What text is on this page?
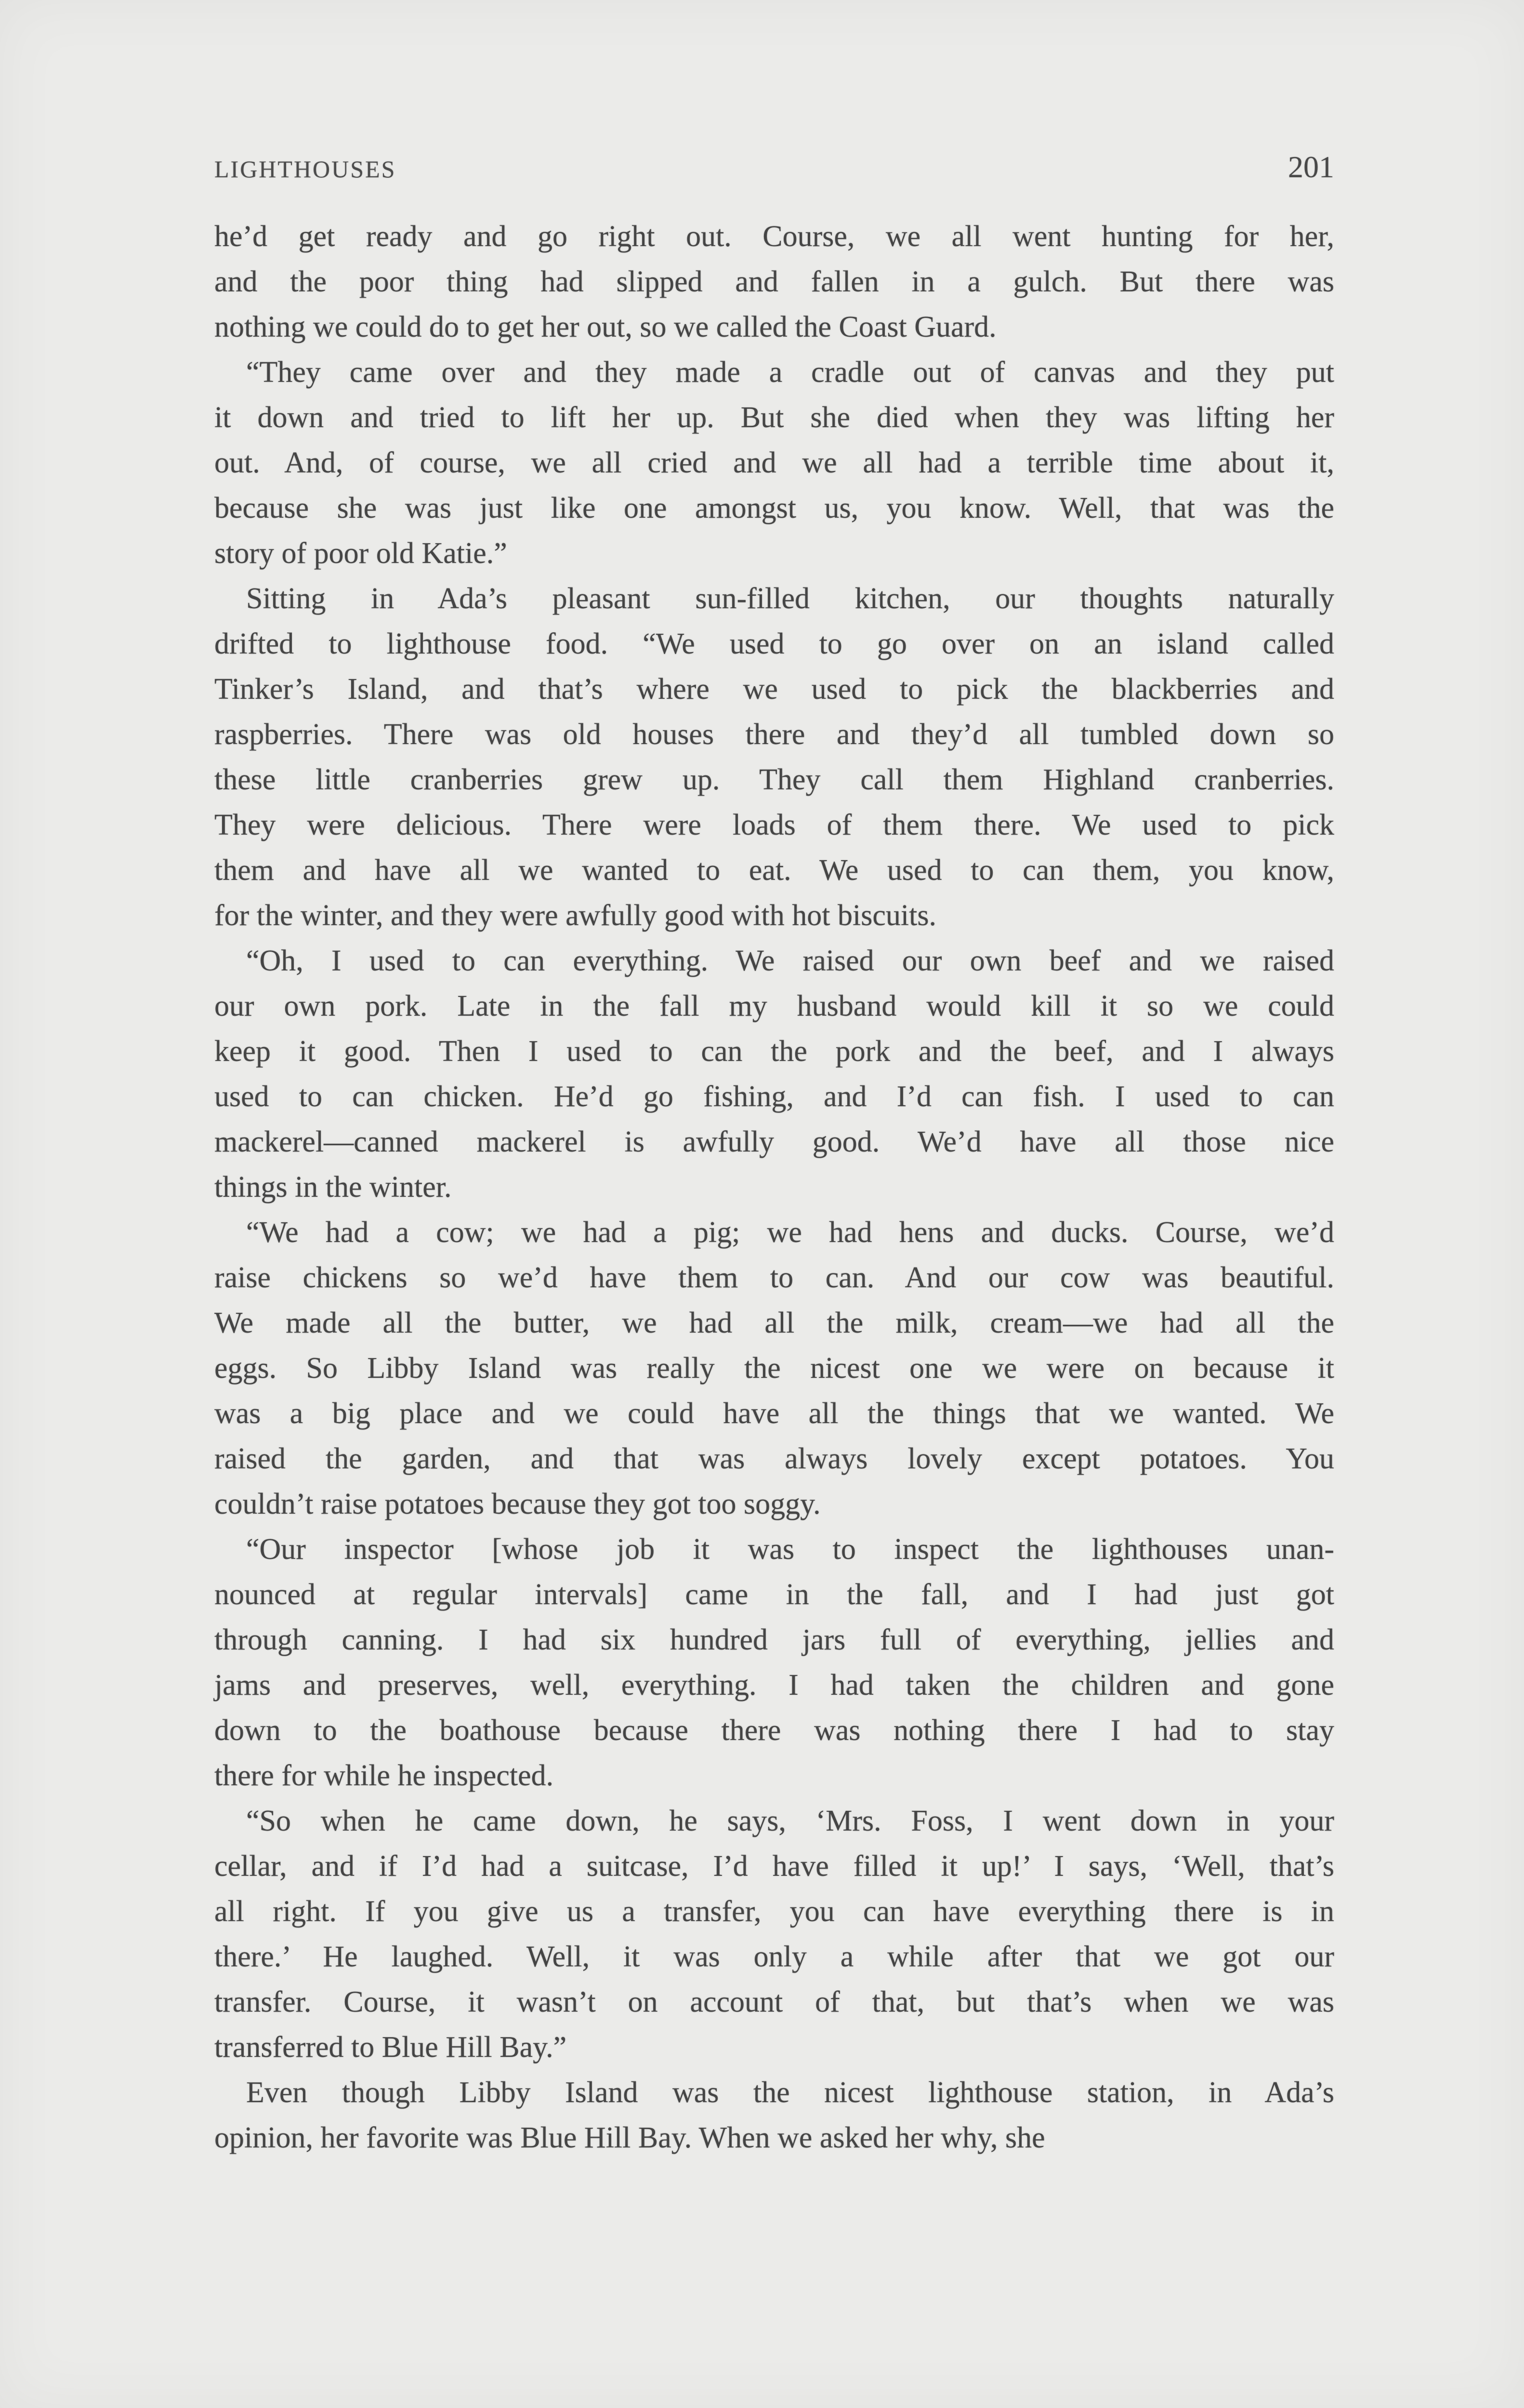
LIGHTHOUSES	201
he’d get ready and go right out. Course, we all went hunting for her,
and the poor thing had slipped and fallen in a gulch. But there was
nothing we could do to get her out, so we called the Coast Guard.
“They came over and they made a cradle out of canvas and they put
it down and tried to lift her up. But she died when they was lifting her
out. And, of course, we all cried and we all had a terrible time about it,
because she was just like one amongst us, you know. Well, that was the
story of poor old Katie.”
Sitting in Ada’s pleasant sun-filled kitchen, our thoughts naturally
drifted to lighthouse food. “We used to go over on an island called
Tinker’s Island, and that’s where we used to pick the blackberries and
raspberries. There was old houses there and they’d all tumbled down so
these little cranberries grew up. They call them Highland cranberries.
They were delicious. There were loads of them there. We used to pick
them and have all we wanted to eat. We used to can them, you know,
for the winter, and they were awfully good with hot biscuits.
“Oh, I used to can everything. We raised our own beef and we raised
our own pork. Late in the fall my husband would kill it so we could
keep it good. Then I used to can the pork and the beef, and I always
used to can chicken. He’d go fishing, and I’d can fish. I used to can
mackerel—canned mackerel is awfully good. We’d have all those nice
things in the winter.
“We had a cow; we had a pig; we had hens and ducks. Course, we’d
raise chickens so we’d have them to can. And our cow was beautiful.
We made all the butter, we had all the milk, cream—we had all the
eggs. So Libby Island was really the nicest one we were on because it
was a big place and we could have all the things that we wanted. We
raised the garden, and that was always lovely except potatoes. You
couldn’t raise potatoes because they got too soggy.
“Our inspector [whose job it was to inspect the lighthouses unan-
nounced at regular intervals] came in the fall, and I had just got
through canning. I had six hundred jars full of everything, jellies and
jams and preserves, well, everything. I had taken the children and gone
down to the boathouse because there was nothing there I had to stay
there for while he inspected.
“So when he came down, he says, ‘Mrs. Foss, I went down in your
cellar, and if I’d had a suitcase, I’d have filled it up!’ I says, ‘Well, that’s
all right. If you give us a transfer, you can have everything there is in
there.’ He laughed. Well, it was only a while after that we got our
transfer. Course, it wasn’t on account of that, but that’s when we was
transferred to Blue Hill Bay.”
Even though Libby Island was the nicest lighthouse station, in Ada’s
opinion, her favorite was Blue Hill Bay. When we asked her why, she
